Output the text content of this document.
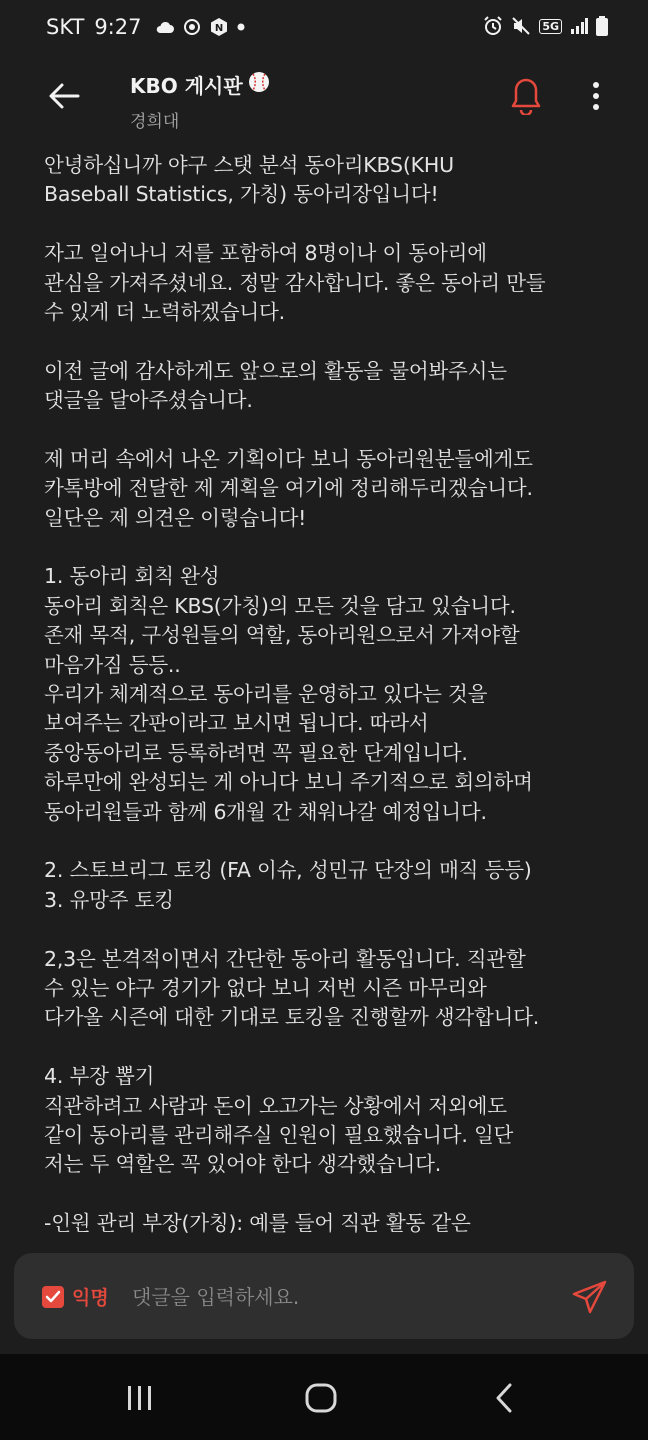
SKT 9:27	N	5G
KBO 게시판
경희대
안녕하십니까 야구 스탯 분석 동아리KBS(KHU
Baseball Statistics, 가칭) 동아리장입니다!
자고 일어나니 저를 포함하여 8명이나 이 동아리에
관심을 가져주셨네요. 정말 감사합니다. 좋은 동아리 만들
수 있게 더 노력하겠습니다.
이전 글에 감사하게도 앞으로의 활동을 물어봐주시는
댓글을 달아주셨습니다.
제 머리 속에서 나온 기획이다 보니 동아리원분들에게도
카톡방에 전달한 제 계획을 여기에 정리해두리겠습니다.
일단은 제 의견은 이렇습니다!
1. 동아리 회칙 완성
동아리 회칙은 KBS(가칭)의 모든 것을 담고 있습니다.
존재 목적, 구성원들의 역할, 동아리원으로서 가져야할
마음가짐 등등..
우리가 체계적으로 동아리를 운영하고 있다는 것을
보여주는 간판이라고 보시면 됩니다. 따라서
중앙동아리로 등록하려면 꼭 필요한 단계입니다.
하루만에 완성되는 게 아니다 보니 주기적으로 회의하며
동아리원들과 함께 6개월 간 채워나갈 예정입니다.
2. 스토브리그 토킹 (FA 이슈, 성민규 단장의 매직 등등)
3. 유망주 토킹
2,3은 본격적이면서 간단한 동아리 활동입니다. 직관할
수 있는 야구 경기가 없다 보니 저번 시즌 마무리와
다가올 시즌에 대한 기대로 토킹을 진행할까 생각합니다.
4. 부장 뽑기
직관하려고 사람과 돈이 오고가는 상황에서 저외에도
같이 동아리를 관리해주실 인원이 필요했습니다. 일단
저는 두 역할은 꼭 있어야 한다 생각했습니다.
-인원 관리 부장(가칭): 예를 들어 직관 활동 같은
익명
댓글을 입력하세요.
